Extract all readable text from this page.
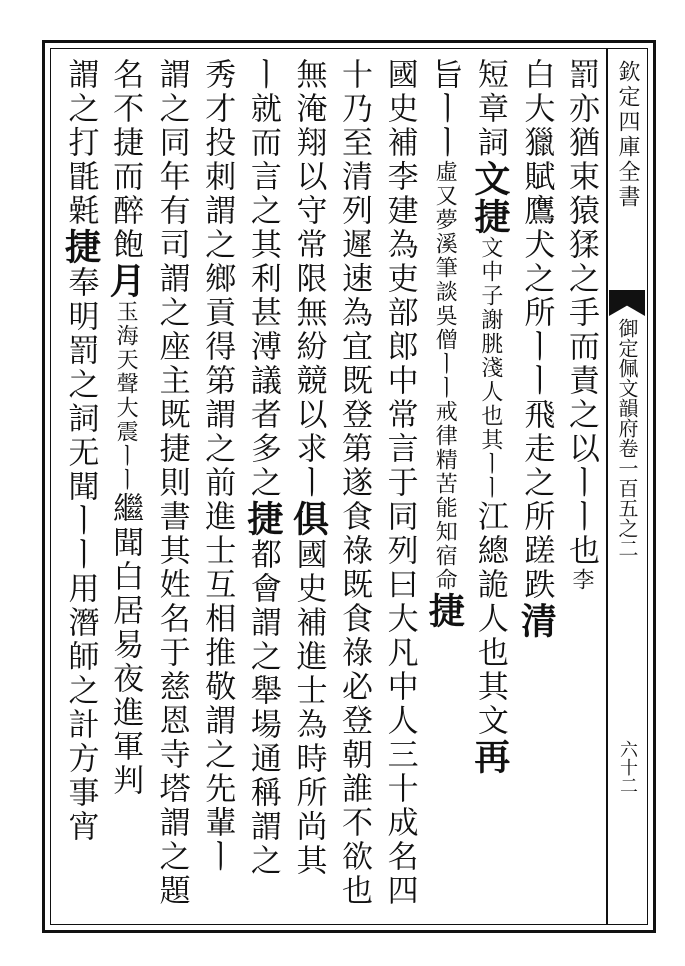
欽定四庫全書
御定佩文韻府卷一百五之二
六十二
罰亦猶束猿猱之手而責之以ㅣㅣ也李
白大獵賦鷹犬之所ㅣㅣ飛走之所蹉跌清
短章詞文捷文中子謝朓淺人也其ㅣㅣ江總詭人也其文再
旨ㅣㅣ虛又夢溪筆談吳僧ㅣㅣ戒律精苦能知宿命捷
國史補李建為吏部郎中常言于同列曰大凡中人三十成名四
十乃至清列遲速為宜既登第遂食祿既食祿必登朝誰不欲也
無淹翔以守常限無紛競以求ㅣ俱國史補進士為時所尚其
ㅣ就而言之其利甚溥議者多之捷都會謂之舉場通稱謂之
秀才投刺謂之鄉貢得第謂之前進士互相推敬謂之先輩ㅣ
謂之同年有司謂之座主既捷則書其姓名于慈恩寺塔謂之題
名不捷而醉飽月玉海天聲大震ㅣㅣ繼聞白居易夜進軍判
謂之打毷氉捷奉明罰之詞无聞ㅣㅣ用潛師之計方事宵
